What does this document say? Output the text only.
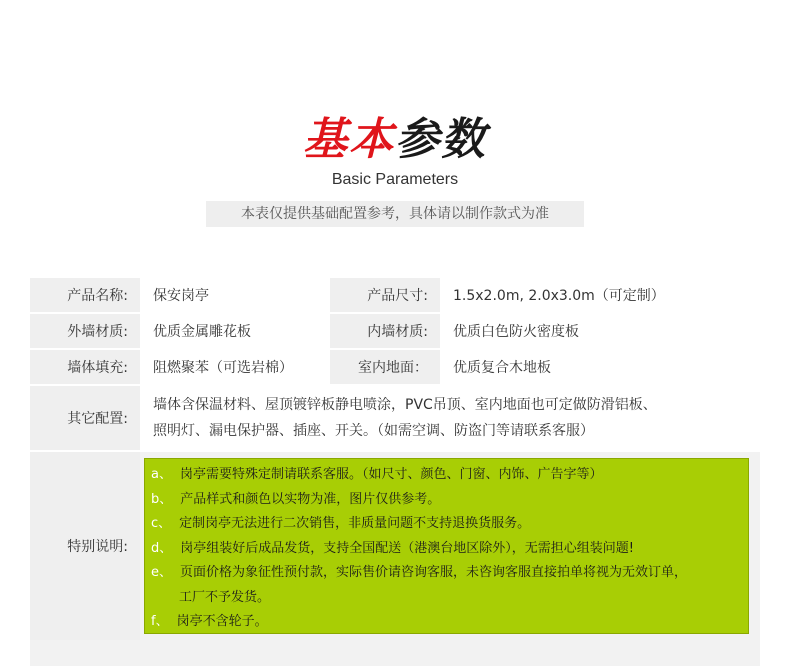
基本参数
Basic Parameters
本表仅提供基础配置参考，具体请以制作款式为准
产品名称:	保安岗亭	产品尺寸:	1.5x2.0m, 2.0x3.0m（可定制）
外墙材质:	优质金属雕花板	内墙材质:	优质白色防火密度板
墙体填充:	阻燃聚苯（可选岩棉）	室内地面：	优质复合木地板
其它配置:
墙体含保温材料、屋顶镀锌板静电喷涂，PVC吊顶、室内地面也可定做防滑铝板、
照明灯、漏电保护器、插座、开关。（如需空调、防盗门等请联系客服）
特别说明:
a、 岗亭需要特殊定制请联系客服。（如尺寸、颜色、门窗、内饰、广告字等）
b、 产品样式和颜色以实物为准，图片仅供参考。
c、 定制岗亭无法进行二次销售，非质量问题不支持退换货服务。
d、 岗亭组装好后成品发货，支持全国配送（港澳台地区除外），无需担心组装问题!
e、 页面价格为象征性预付款，实际售价请咨询客服，未咨询客服直接拍单将视为无效订单，
工厂不予发货。
f、 岗亭不含轮子。
